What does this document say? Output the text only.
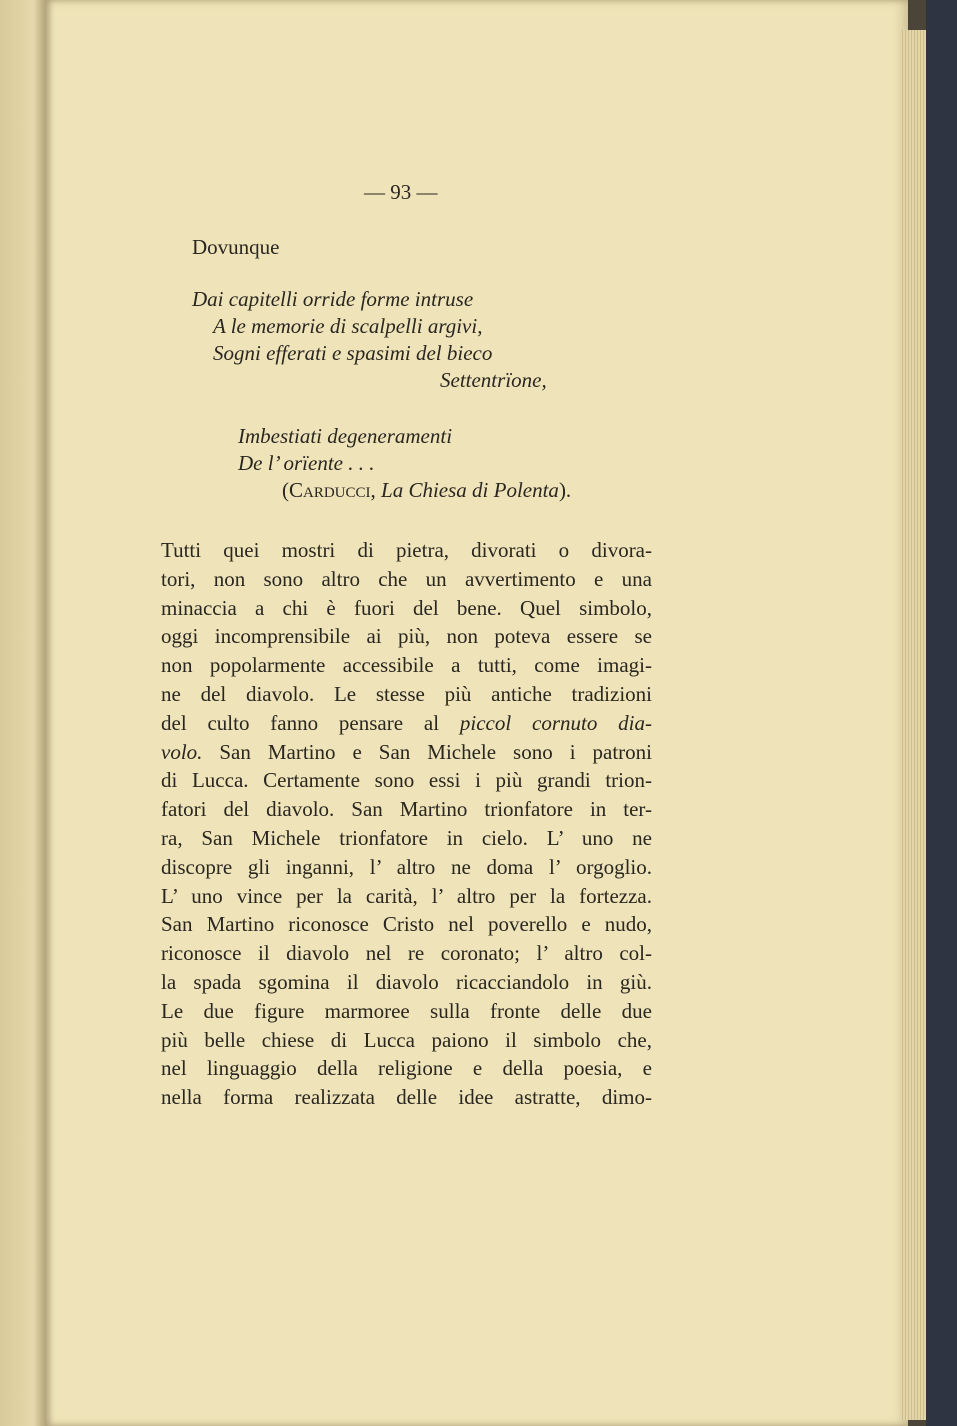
— 93 —
Dovunque
Dai capitelli orride forme intruse
A le memorie di scalpelli argivi,
Sogni efferati e spasimi del bieco
Settentrïone,
Imbestiati degeneramenti
De l’ orïente . . .
(Carducci, La Chiesa di Polenta).
Tutti quei mostri di pietra, divorati o divora-
tori, non sono altro che un avvertimento e una
minaccia a chi è fuori del bene. Quel simbolo,
oggi incomprensibile ai più, non poteva essere se
non popolarmente accessibile a tutti, come imagi-
ne del diavolo. Le stesse più antiche tradizioni
del culto fanno pensare al piccol cornuto dia-
volo. San Martino e San Michele sono i patroni
di Lucca. Certamente sono essi i più grandi trion-
fatori del diavolo. San Martino trionfatore in ter-
ra, San Michele trionfatore in cielo. L’ uno ne
discopre gli inganni, l’ altro ne doma l’ orgoglio.
L’ uno vince per la carità, l’ altro per la fortezza.
San Martino riconosce Cristo nel poverello e nudo,
riconosce il diavolo nel re coronato; l’ altro col-
la spada sgomina il diavolo ricacciandolo in giù.
Le due figure marmoree sulla fronte delle due
più belle chiese di Lucca paiono il simbolo che,
nel linguaggio della religione e della poesia, e
nella forma realizzata delle idee astratte, dimo-
